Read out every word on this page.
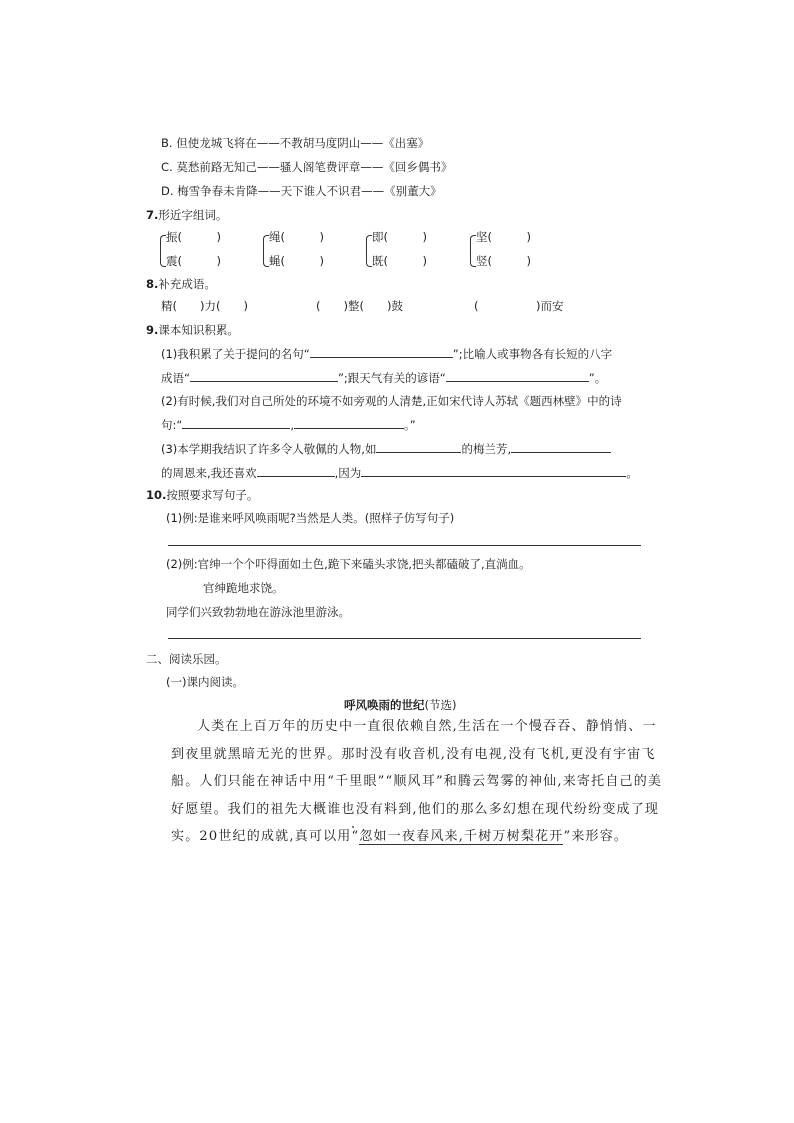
B. 但使龙城飞将在——不教胡马度阴山——《出塞》
C. 莫愁前路无知己——骚人阁笔费评章——《回乡偶书》
D. 梅雪争春未肯降——天下谁人不识君——《别董大》
7.形近字组词。
振(　　　)
震(　　　)
绳(　　　)
蝇(　　　)
即(　　　)
既(　　　)
坚(　　　)
竖(　　　)
8.补充成语。
精(　　)力(　　)	(　　)整(　　)鼓	(　　　　　)而安
9.课本知识积累。
(1)我积累了关于提问的名句“	”;比喻人或事物各有长短的八字
成语“	”;跟天气有关的谚语“	”。
(2)有时候,我们对自己所处的环境不如旁观的人清楚,正如宋代诗人苏轼《题西林壁》中的诗
句:“	,	。”
(3)本学期我结识了许多令人敬佩的人物,如	的梅兰芳,
的周恩来,我还喜欢	,因为	。
10.按照要求写句子。
(1)例:是谁来呼风唤雨呢?当然是人类。(照样子仿写句子)
(2)例:官绅一个个吓得面如土色,跪下来磕头求饶,把头都磕破了,直淌血。
官绅跪地求饶。
同学们兴致勃勃地在游泳池里游泳。
二、阅读乐园。
(一)课内阅读。
呼风唤雨的世纪(节选)

人类在上百万年的历史中一直很依赖自然,生活在一个慢吞吞、静悄悄、一到夜里就黑暗无光的世界。那时没有收音机,没有电视,没有飞机,更没有宇宙飞船。人们只能在神话中用“千里眼”“顺风耳”和腾云驾雾的神仙,来寄托自己的美好愿望。我们的祖先大概谁也没有料到,他们的那么多幻想在现代纷纷变成了现实。20世纪的成就,真可以用“忽如一夜春风来,千树万树梨花开”来形容。
